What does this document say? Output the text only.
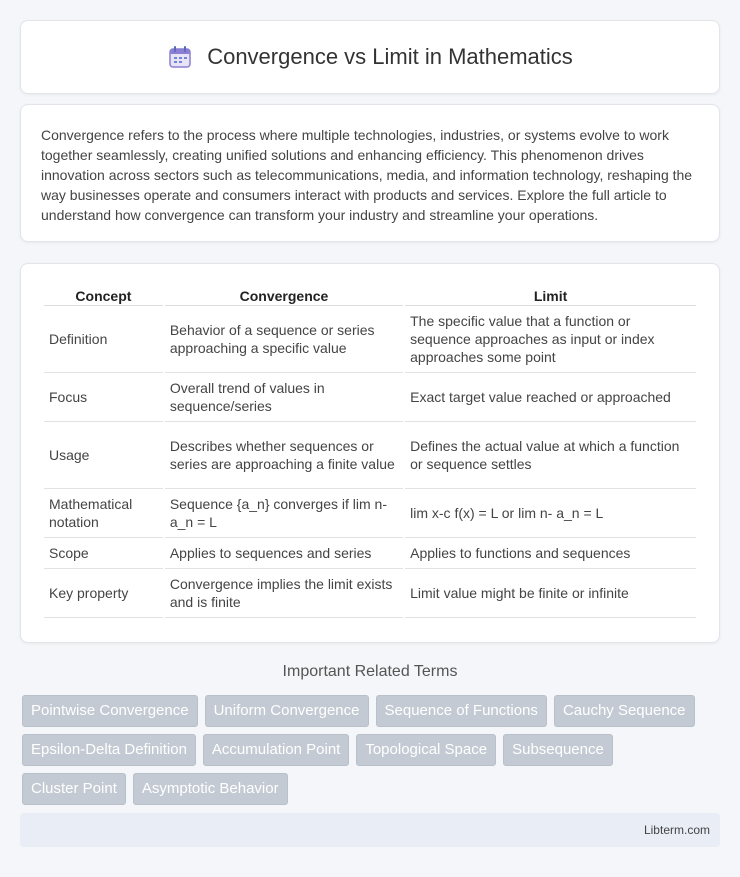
Convergence vs Limit in Mathematics

Convergence refers to the process where multiple technologies, industries, or systems evolve to work together seamlessly, creating unified solutions and enhancing efficiency. This phenomenon drives innovation across sectors such as telecommunications, media, and information technology, reshaping the way businesses operate and consumers interact with products and services. Explore the full article to understand how convergence can transform your industry and streamline your operations.

Concept	Convergence	Limit
Definition	Behavior of a sequence or series approaching a specific value	The specific value that a function or sequence approaches as input or index approaches some point
Focus	Overall trend of values in sequence/series	Exact target value reached or approached
Usage	Describes whether sequences or series are approaching a finite value	Defines the actual value at which a function or sequence settles
Mathematical notation	Sequence {a_n} converges if lim n- a_n = L	lim x-c f(x) = L or lim n- a_n = L
Scope	Applies to sequences and series	Applies to functions and sequences
Key property	Convergence implies the limit exists and is finite	Limit value might be finite or infinite
Important Related Terms
Pointwise Convergence	Uniform Convergence	Sequence of Functions	Cauchy Sequence
Epsilon-Delta Definition	Accumulation Point	Topological Space	Subsequence
Cluster Point	Asymptotic Behavior
Libterm.com
